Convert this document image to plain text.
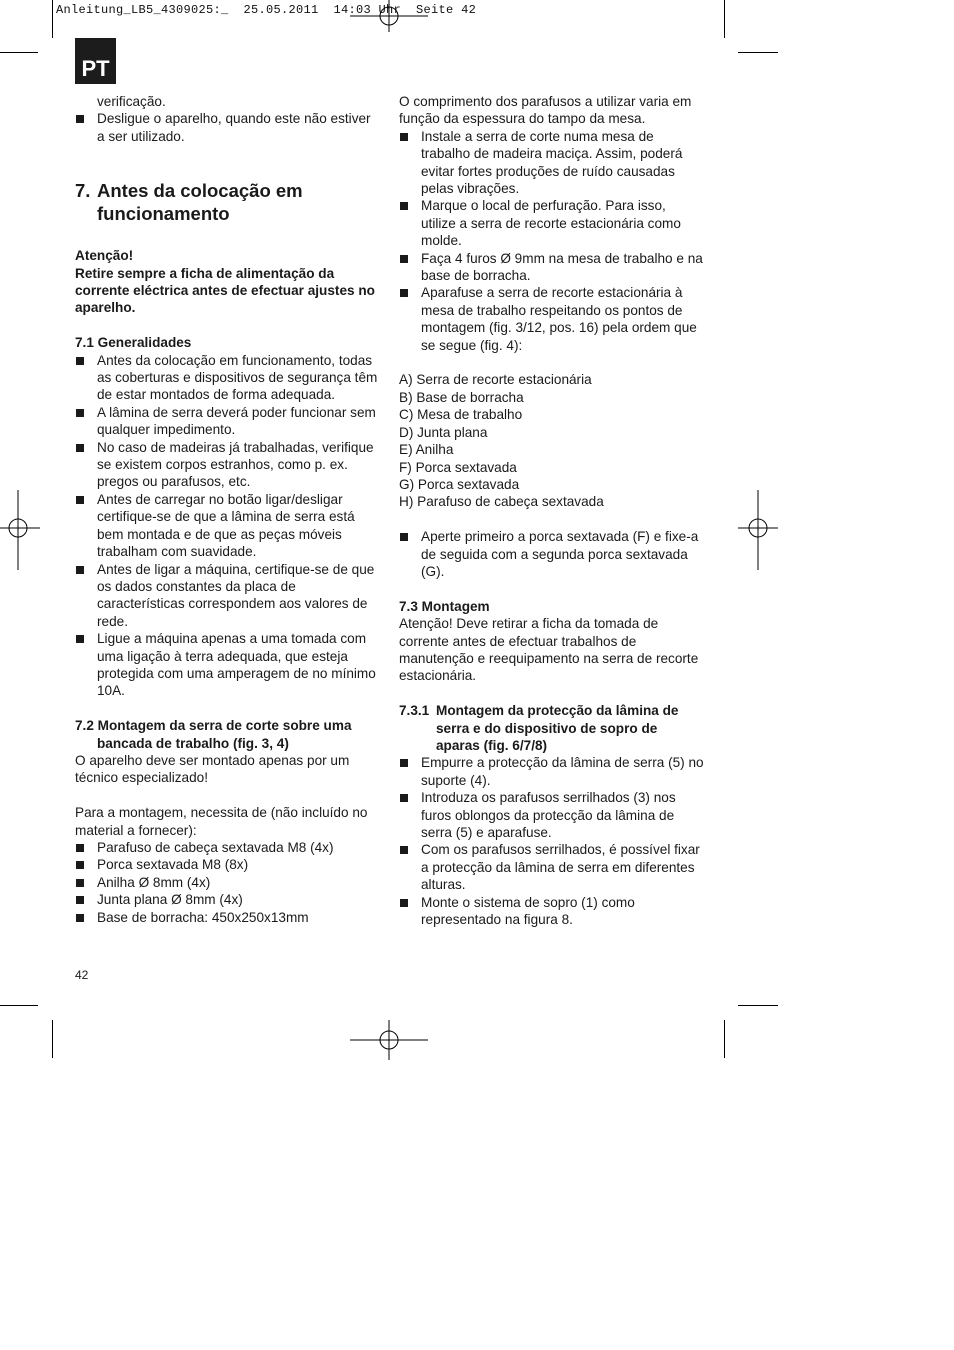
Anleitung_LB5_4309025:_  25.05.2011  14:03 Uhr  Seite 42
PT

verificação.

Desligue o aparelho, quando este não estiver a ser utilizado.

7. Antes da colocação em
funcionamento

Atenção!

Retire sempre a ficha de alimentação da corrente eléctrica antes de efectuar ajustes no aparelho.

7.1 Generalidades

Antes da colocação em funcionamento, todas as coberturas e dispositivos de segurança têm de estar montados de forma adequada.

A lâmina de serra deverá poder funcionar sem qualquer impedimento.

No caso de madeiras já trabalhadas, verifique se existem corpos estranhos, como p. ex. pregos ou parafusos, etc.

Antes de carregar no botão ligar/desligar certifique-se de que a lâmina de serra está bem montada e de que as peças móveis trabalham com suavidade.

Antes de ligar a máquina, certifique-se de que os dados constantes da placa de características correspondem aos valores de rede.

Ligue a máquina apenas a uma tomada com uma ligação à terra adequada, que esteja protegida com uma amperagem de no mínimo 10A.

7.2 Montagem da serra de corte sobre uma bancada de trabalho (fig. 3, 4)

O aparelho deve ser montado apenas por um técnico especializado!

Para a montagem, necessita de (não incluído no material a fornecer):

Parafuso de cabeça sextavada M8 (4x)

Porca sextavada M8 (8x)

Anilha Ø 8mm (4x)

Junta plana Ø 8mm (4x)

Base de borracha: 450x250x13mm

O comprimento dos parafusos a utilizar varia em função da espessura do tampo da mesa.

Instale a serra de corte numa mesa de trabalho de madeira maciça. Assim, poderá evitar fortes produções de ruído causadas pelas vibrações.

Marque o local de perfuração. Para isso, utilize a serra de recorte estacionária como molde.

Faça 4 furos Ø 9mm na mesa de trabalho e na base de borracha.

Aparafuse a serra de recorte estacionária à mesa de trabalho respeitando os pontos de montagem (fig. 3/12, pos. 16) pela ordem que se segue (fig. 4):

A) Serra de recorte estacionária

B) Base de borracha

C) Mesa de trabalho

D) Junta plana

E) Anilha

F) Porca sextavada

G) Porca sextavada

H) Parafuso de cabeça sextavada

Aperte primeiro a porca sextavada (F) e fixe-a de seguida com a segunda porca sextavada (G).

7.3 Montagem

Atenção! Deve retirar a ficha da tomada de corrente antes de efectuar trabalhos de manutenção e reequipamento na serra de recorte estacionária.

7.3.1 Montagem da protecção da lâmina de serra e do dispositivo de sopro de aparas (fig. 6/7/8)

Empurre a protecção da lâmina de serra (5) no suporte (4).

Introduza os parafusos serrilhados (3) nos furos oblongos da protecção da lâmina de serra (5) e aparafuse.

Com os parafusos serrilhados, é possível fixar a protecção da lâmina de serra em diferentes alturas.

Monte o sistema de sopro (1) como representado na figura 8.

42
